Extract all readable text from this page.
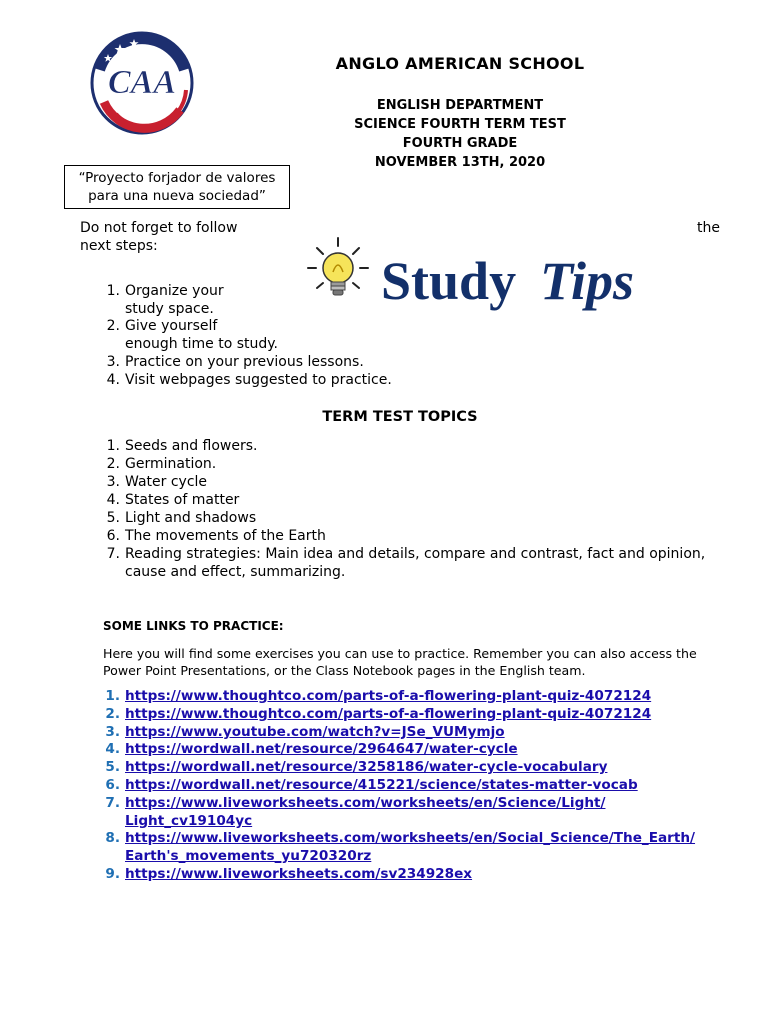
CAA
ANGLO AMERICAN SCHOOL
ENGLISH DEPARTMENT
SCIENCE FOURTH TERM TEST
FOURTH GRADE
NOVEMBER 13TH, 2020
“Proyecto forjador de valores
para una nueva sociedad”
Do not forget to follow	the
next steps:
Study Tips
1. Organize your
study space.
2. Give yourself
enough time to study.
3. Practice on your previous lessons.
4. Visit webpages suggested to practice.
TERM TEST TOPICS
1. Seeds and flowers.
2. Germination.
3. Water cycle
4. States of matter
5. Light and shadows
6. The movements of the Earth
7. Reading strategies: Main idea and details, compare and contrast, fact and opinion,
cause and effect, summarizing.
SOME LINKS TO PRACTICE:
Here you will find some exercises you can use to practice. Remember you can also access the
Power Point Presentations, or the Class Notebook pages in the English team.
1. https://www.thoughtco.com/parts-of-a-flowering-plant-quiz-4072124
2. https://www.thoughtco.com/parts-of-a-flowering-plant-quiz-4072124
3. https://www.youtube.com/watch?v=JSe_VUMymjo
4. https://wordwall.net/resource/2964647/water-cycle
5. https://wordwall.net/resource/3258186/water-cycle-vocabulary
6. https://wordwall.net/resource/415221/science/states-matter-vocab
7. https://www.liveworksheets.com/worksheets/en/Science/Light/
Light_cv19104yc
8. https://www.liveworksheets.com/worksheets/en/Social_Science/The_Earth/
Earth's_movements_yu720320rz
9. https://www.liveworksheets.com/sv234928ex
